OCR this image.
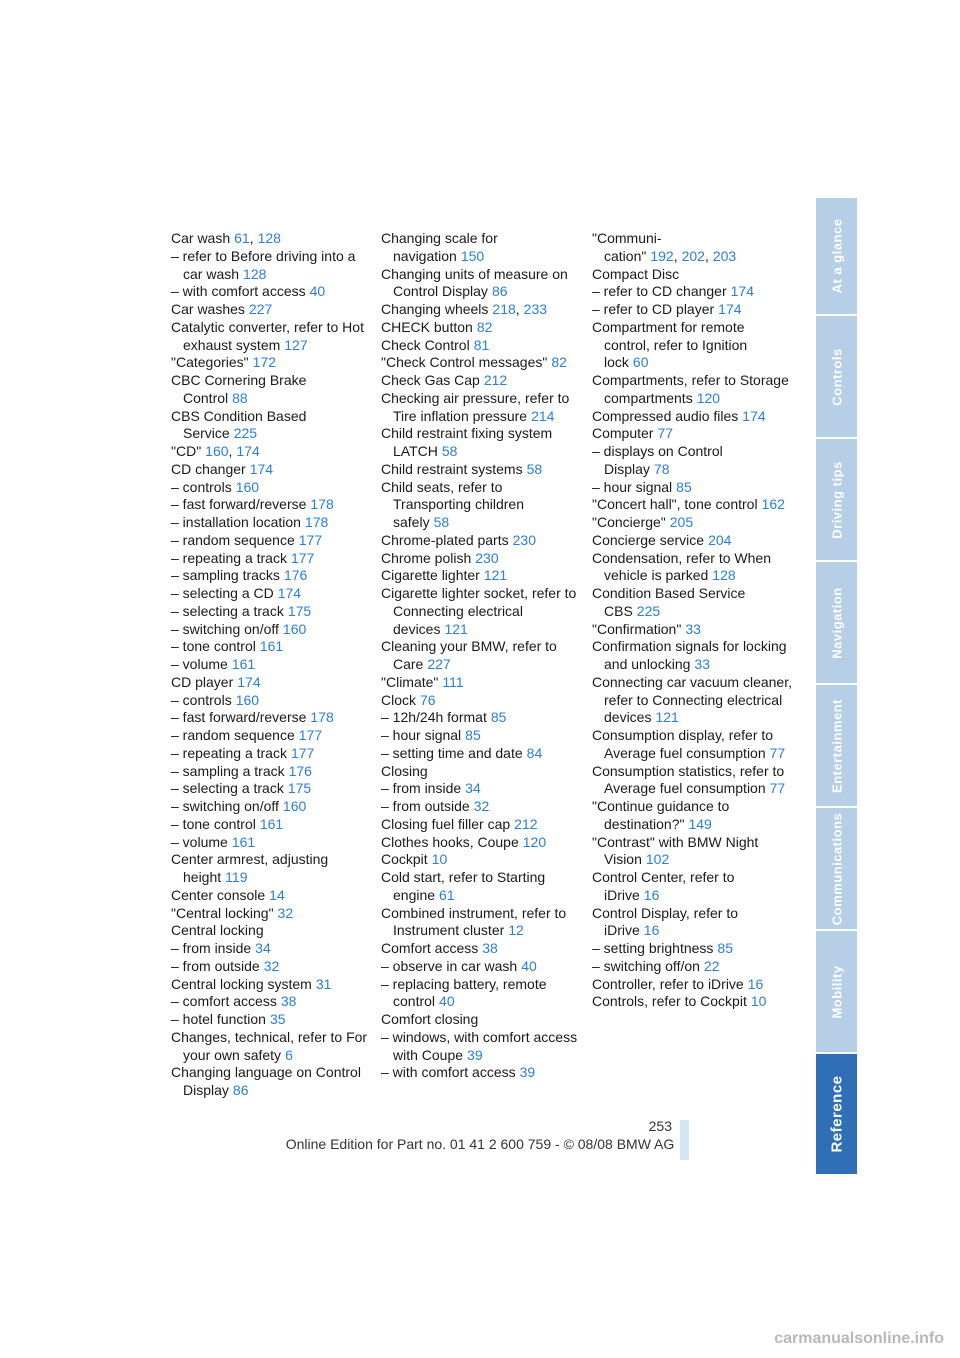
Car wash 61, 128
– refer to Before driving into a car wash 128
– with comfort access 40
Car washes 227
Catalytic converter, refer to Hot exhaust system 127
"Categories" 172
CBC Cornering Brake Control 88
CBS Condition Based Service 225
"CD" 160, 174
CD changer 174
– controls 160
– fast forward/reverse 178
– installation location 178
– random sequence 177
– repeating a track 177
– sampling tracks 176
– selecting a CD 174
– selecting a track 175
– switching on/off 160
– tone control 161
– volume 161
CD player 174
– controls 160
– fast forward/reverse 178
– random sequence 177
– repeating a track 177
– sampling a track 176
– selecting a track 175
– switching on/off 160
– tone control 161
– volume 161
Center armrest, adjusting height 119
Center console 14
"Central locking" 32
Central locking
– from inside 34
– from outside 32
Central locking system 31
– comfort access 38
– hotel function 35
Changes, technical, refer to For your own safety 6
Changing language on Control Display 86
Changing scale for navigation 150
Changing units of measure on Control Display 86
Changing wheels 218, 233
CHECK button 82
Check Control 81
"Check Control messages" 82
Check Gas Cap 212
Checking air pressure, refer to Tire inflation pressure 214
Child restraint fixing system LATCH 58
Child restraint systems 58
Child seats, refer to Transporting children safely 58
Chrome-plated parts 230
Chrome polish 230
Cigarette lighter 121
Cigarette lighter socket, refer to Connecting electrical devices 121
Cleaning your BMW, refer to Care 227
"Climate" 111
Clock 76
– 12h/24h format 85
– hour signal 85
– setting time and date 84
Closing
– from inside 34
– from outside 32
Closing fuel filler cap 212
Clothes hooks, Coupe 120
Cockpit 10
Cold start, refer to Starting engine 61
Combined instrument, refer to Instrument cluster 12
Comfort access 38
– observe in car wash 40
– replacing battery, remote control 40
Comfort closing
– windows, with comfort access with Coupe 39
– with comfort access 39
"Communi- cation" 192, 202, 203
Compact Disc
– refer to CD changer 174
– refer to CD player 174
Compartment for remote control, refer to Ignition lock 60
Compartments, refer to Storage compartments 120
Compressed audio files 174
Computer 77
– displays on Control Display 78
– hour signal 85
"Concert hall", tone control 162
"Concierge" 205
Concierge service 204
Condensation, refer to When vehicle is parked 128
Condition Based Service CBS 225
"Confirmation" 33
Confirmation signals for locking and unlocking 33
Connecting car vacuum cleaner, refer to Connecting electrical devices 121
Consumption display, refer to Average fuel consumption 77
Consumption statistics, refer to Average fuel consumption 77
"Continue guidance to destination?" 149
"Contrast" with BMW Night Vision 102
Control Center, refer to iDrive 16
Control Display, refer to iDrive 16
– setting brightness 85
– switching off/on 22
Controller, refer to iDrive 16
Controls, refer to Cockpit 10
At a glance
Controls
Driving tips
Navigation
Entertainment
Communications
Mobility
Reference
253
Online Edition for Part no. 01 41 2 600 759 - © 08/08 BMW AG
carmanualsonline.info
